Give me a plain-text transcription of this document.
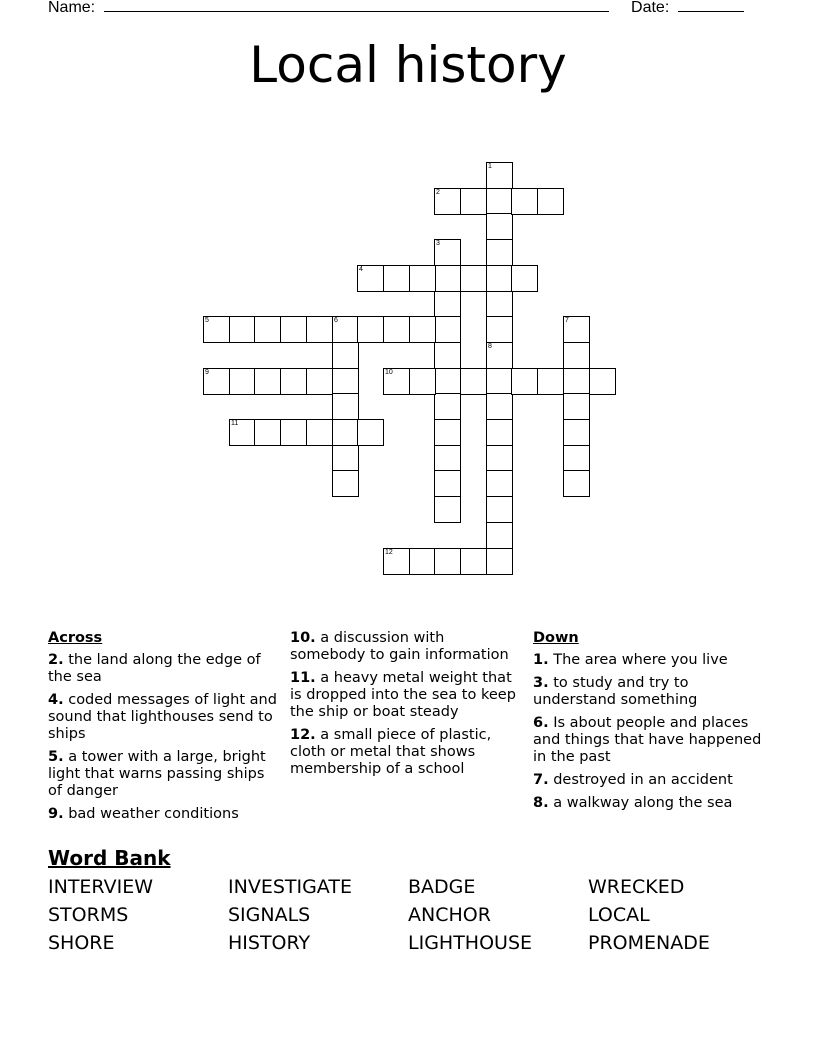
Name:	Date:
Local history
1
8
2
3
4
5	6	7
9	10
11
12
Across
2. the land along the edge of the sea
4. coded messages of light and sound that lighthouses send to ships
5. a tower with a large, bright light that warns passing ships of danger
9. bad weather conditions
10. a discussion with somebody to gain information
11. a heavy metal weight that is dropped into the sea to keep the ship or boat steady
12. a small piece of plastic, cloth or metal that shows membership of a school
Down
1. The area where you live
3. to study and try to understand something
6. Is about people and places and things that have happened in the past
7. destroyed in an accident
8. a walkway along the sea
Word Bank
INTERVIEW	INVESTIGATE	BADGE	WRECKED
STORMS	SIGNALS	ANCHOR	LOCAL
SHORE	HISTORY	LIGHTHOUSE	PROMENADE
